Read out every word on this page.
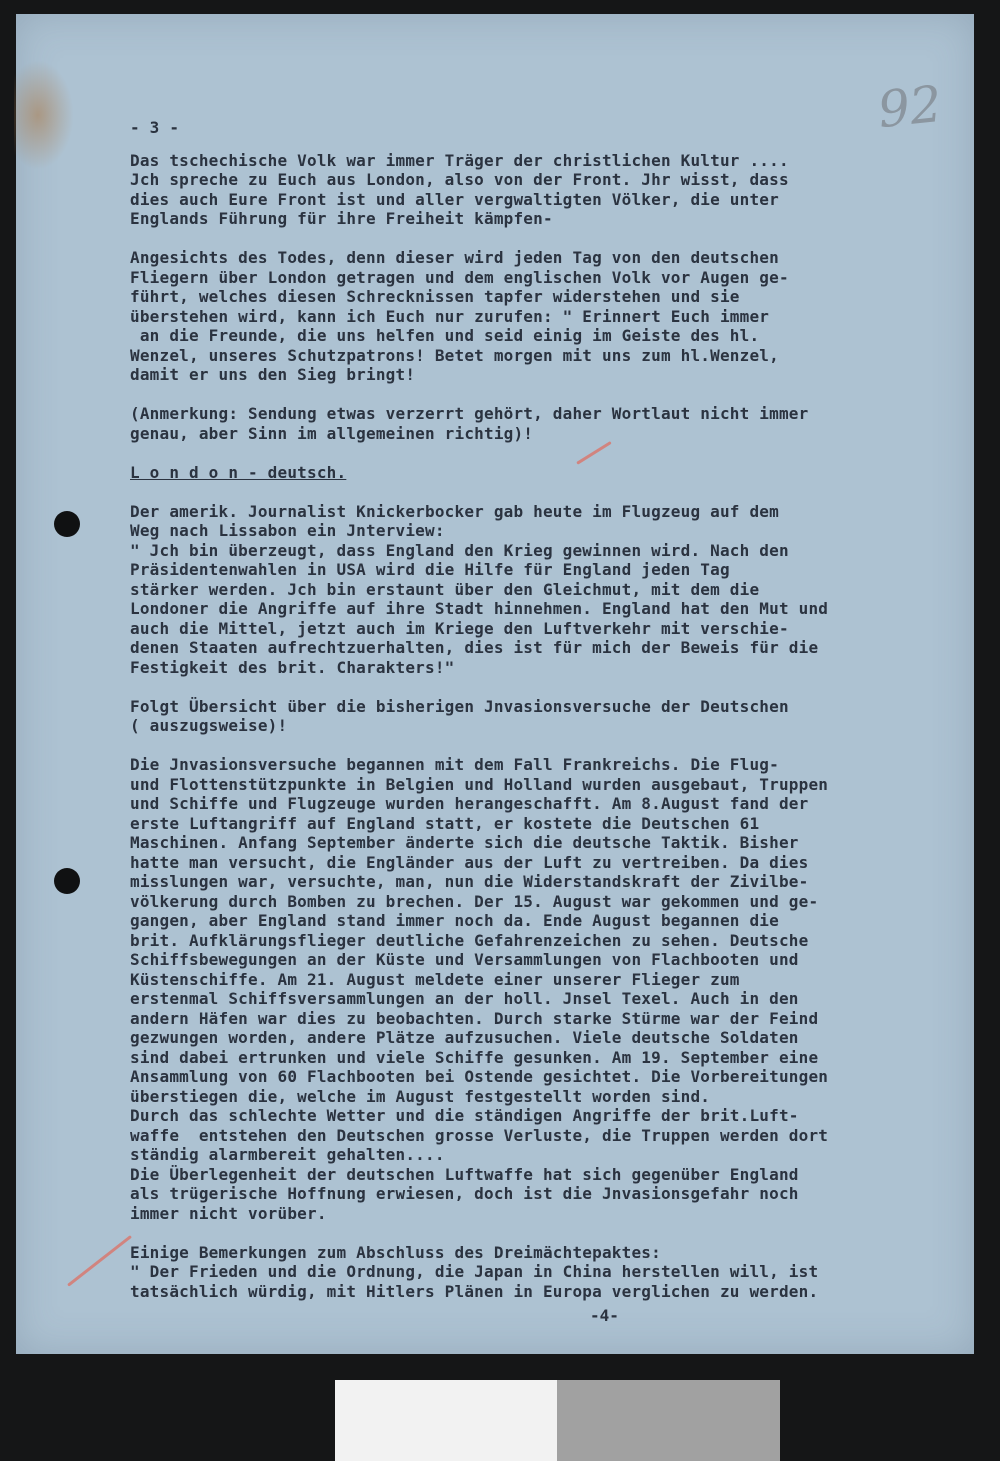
92
- 3 -
Das tschechische Volk war immer Träger der christlichen Kultur ....
Jch spreche zu Euch aus London, also von der Front. Jhr wisst, dass
dies auch Eure Front ist und aller vergwaltigten Völker, die unter
Englands Führung für ihre Freiheit kämpfen-
Angesichts des Todes, denn dieser wird jeden Tag von den deutschen
Fliegern über London getragen und dem englischen Volk vor Augen ge-
führt, welches diesen Schrecknissen tapfer widerstehen und sie
überstehen wird, kann ich Euch nur zurufen: " Erinnert Euch immer
an die Freunde, die uns helfen und seid einig im Geiste des hl.
Wenzel, unseres Schutzpatrons! Betet morgen mit uns zum hl.Wenzel,
damit er uns den Sieg bringt!
(Anmerkung: Sendung etwas verzerrt gehört, daher Wortlaut nicht immer
genau, aber Sinn im allgemeinen richtig)!
L o n d o n - deutsch.
Der amerik. Journalist Knickerbocker gab heute im Flugzeug auf dem
Weg nach Lissabon ein Jnterview:
" Jch bin überzeugt, dass England den Krieg gewinnen wird. Nach den
Präsidentenwahlen in USA wird die Hilfe für England jeden Tag
stärker werden. Jch bin erstaunt über den Gleichmut, mit dem die
Londoner die Angriffe auf ihre Stadt hinnehmen. England hat den Mut und
auch die Mittel, jetzt auch im Kriege den Luftverkehr mit verschie-
denen Staaten aufrechtzuerhalten, dies ist für mich der Beweis für die
Festigkeit des brit. Charakters!"
Folgt Übersicht über die bisherigen Jnvasionsversuche der Deutschen
( auszugsweise)!
Die Jnvasionsversuche begannen mit dem Fall Frankreichs. Die Flug-
und Flottenstützpunkte in Belgien und Holland wurden ausgebaut, Truppen
und Schiffe und Flugzeuge wurden herangeschafft. Am 8.August fand der
erste Luftangriff auf England statt, er kostete die Deutschen 61
Maschinen. Anfang September änderte sich die deutsche Taktik. Bisher
hatte man versucht, die Engländer aus der Luft zu vertreiben. Da dies
misslungen war, versuchte, man, nun die Widerstandskraft der Zivilbe-
völkerung durch Bomben zu brechen. Der 15. August war gekommen und ge-
gangen, aber England stand immer noch da. Ende August begannen die
brit. Aufklärungsflieger deutliche Gefahrenzeichen zu sehen. Deutsche
Schiffsbewegungen an der Küste und Versammlungen von Flachbooten und
Küstenschiffe. Am 21. August meldete einer unserer Flieger zum
erstenmal Schiffsversammlungen an der holl. Jnsel Texel. Auch in den
andern Häfen war dies zu beobachten. Durch starke Stürme war der Feind
gezwungen worden, andere Plätze aufzusuchen. Viele deutsche Soldaten
sind dabei ertrunken und viele Schiffe gesunken. Am 19. September eine
Ansammlung von 60 Flachbooten bei Ostende gesichtet. Die Vorbereitungen
überstiegen die, welche im August festgestellt worden sind.
Durch das schlechte Wetter und die ständigen Angriffe der brit.Luft-
waffe  entstehen den Deutschen grosse Verluste, die Truppen werden dort
ständig alarmbereit gehalten....
Die Überlegenheit der deutschen Luftwaffe hat sich gegenüber England
als trügerische Hoffnung erwiesen, doch ist die Jnvasionsgefahr noch
immer nicht vorüber.
Einige Bemerkungen zum Abschluss des Dreimächtepaktes:
" Der Frieden und die Ordnung, die Japan in China herstellen will, ist
tatsächlich würdig, mit Hitlers Plänen in Europa verglichen zu werden.
-4-
